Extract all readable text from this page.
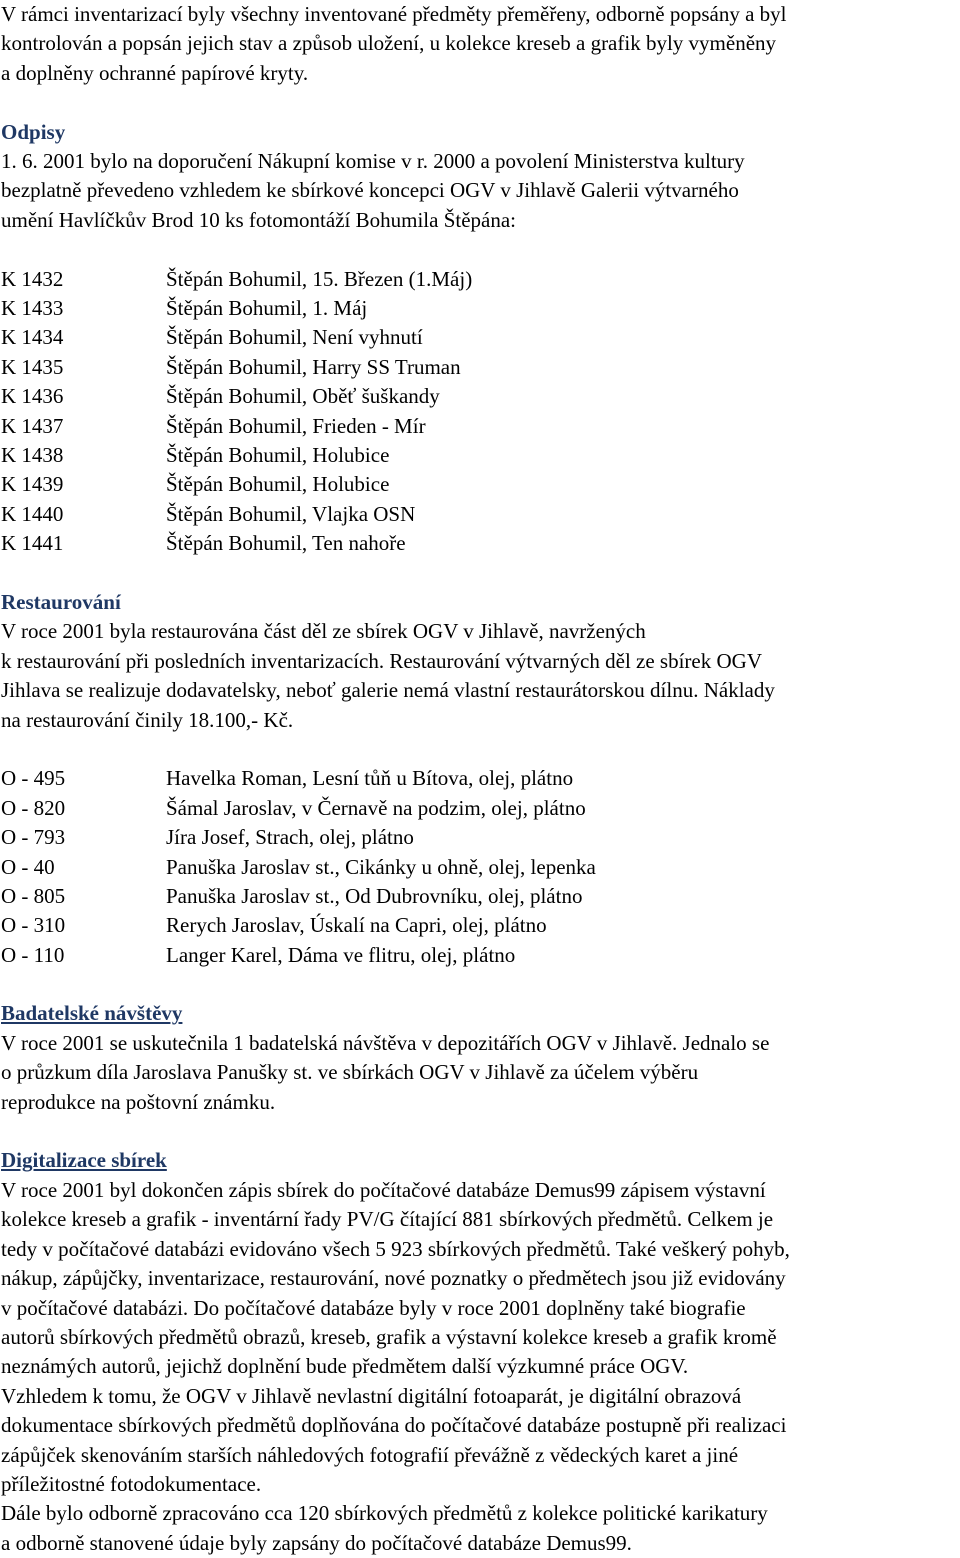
V rámci inventarizací byly všechny inventované předměty přeměřeny, odborně popsány a byl

kontrolován a popsán jejich stav a způsob uložení, u kolekce kreseb a grafik byly vyměněny

a doplněny ochranné papírové kryty.

Odpisy

1. 6. 2001 bylo na doporučení Nákupní komise v r. 2000 a povolení Ministerstva kultury

bezplatně převedeno vzhledem ke sbírkové koncepci OGV v Jihlavě Galerii výtvarného

umění Havlíčkův Brod 10 ks fotomontáží Bohumila Štěpána:

K 1432	Štěpán Bohumil, 15. Březen (1.Máj)
K 1433	Štěpán Bohumil, 1. Máj
K 1434	Štěpán Bohumil, Není vyhnutí
K 1435	Štěpán Bohumil, Harry SS Truman
K 1436	Štěpán Bohumil, Oběť šuškandy
K 1437	Štěpán Bohumil, Frieden - Mír
K 1438	Štěpán Bohumil, Holubice
K 1439	Štěpán Bohumil, Holubice
K 1440	Štěpán Bohumil, Vlajka OSN
K 1441	Štěpán Bohumil, Ten nahoře

Restaurování

V roce 2001 byla restaurována část děl ze sbírek OGV v Jihlavě, navržených

k restaurování při posledních inventarizacích. Restaurování výtvarných děl ze sbírek OGV

Jihlava se realizuje dodavatelsky, neboť galerie nemá vlastní restaurátorskou dílnu. Náklady

na restaurování činily 18.100,- Kč.

O - 495	Havelka Roman, Lesní tůň u Bítova, olej, plátno
O - 820	Šámal Jaroslav, v Černavě na podzim, olej, plátno
O - 793	Jíra Josef, Strach, olej, plátno
O - 40	Panuška Jaroslav st., Cikánky u ohně, olej, lepenka
O - 805	Panuška Jaroslav st., Od Dubrovníku, olej, plátno
O - 310	Rerych Jaroslav, Úskalí na Capri, olej, plátno
O - 110	Langer Karel, Dáma ve flitru, olej, plátno

Badatelské návštěvy

V roce 2001 se uskutečnila 1 badatelská návštěva v depozitářích OGV v Jihlavě. Jednalo se

o průzkum díla Jaroslava Panušky st. ve sbírkách OGV v Jihlavě za účelem výběru

reprodukce na poštovní známku.

Digitalizace sbírek

V roce 2001 byl dokončen zápis sbírek do počítačové databáze Demus99 zápisem výstavní

kolekce kreseb a grafik - inventární řady PV/G čítající 881 sbírkových předmětů. Celkem je

tedy v počítačové databázi evidováno všech 5 923 sbírkových předmětů. Také veškerý pohyb,

nákup, zápůjčky, inventarizace, restaurování, nové poznatky o předmětech jsou již evidovány

v počítačové databázi. Do počítačové databáze byly v roce 2001 doplněny také biografie

autorů sbírkových předmětů obrazů, kreseb, grafik a výstavní kolekce kreseb a grafik kromě

neznámých autorů, jejichž doplnění bude předmětem další výzkumné práce OGV.

Vzhledem k tomu, že OGV v Jihlavě nevlastní digitální fotoaparát, je digitální obrazová

dokumentace sbírkových předmětů doplňována do počítačové databáze postupně při realizaci

zápůjček skenováním starších náhledových fotografií převážně z vědeckých karet a jiné

příležitostné fotodokumentace.

Dále bylo odborně zpracováno cca 120 sbírkových předmětů z kolekce politické karikatury

a odborně stanovené údaje byly zapsány do počítačové databáze Demus99.
